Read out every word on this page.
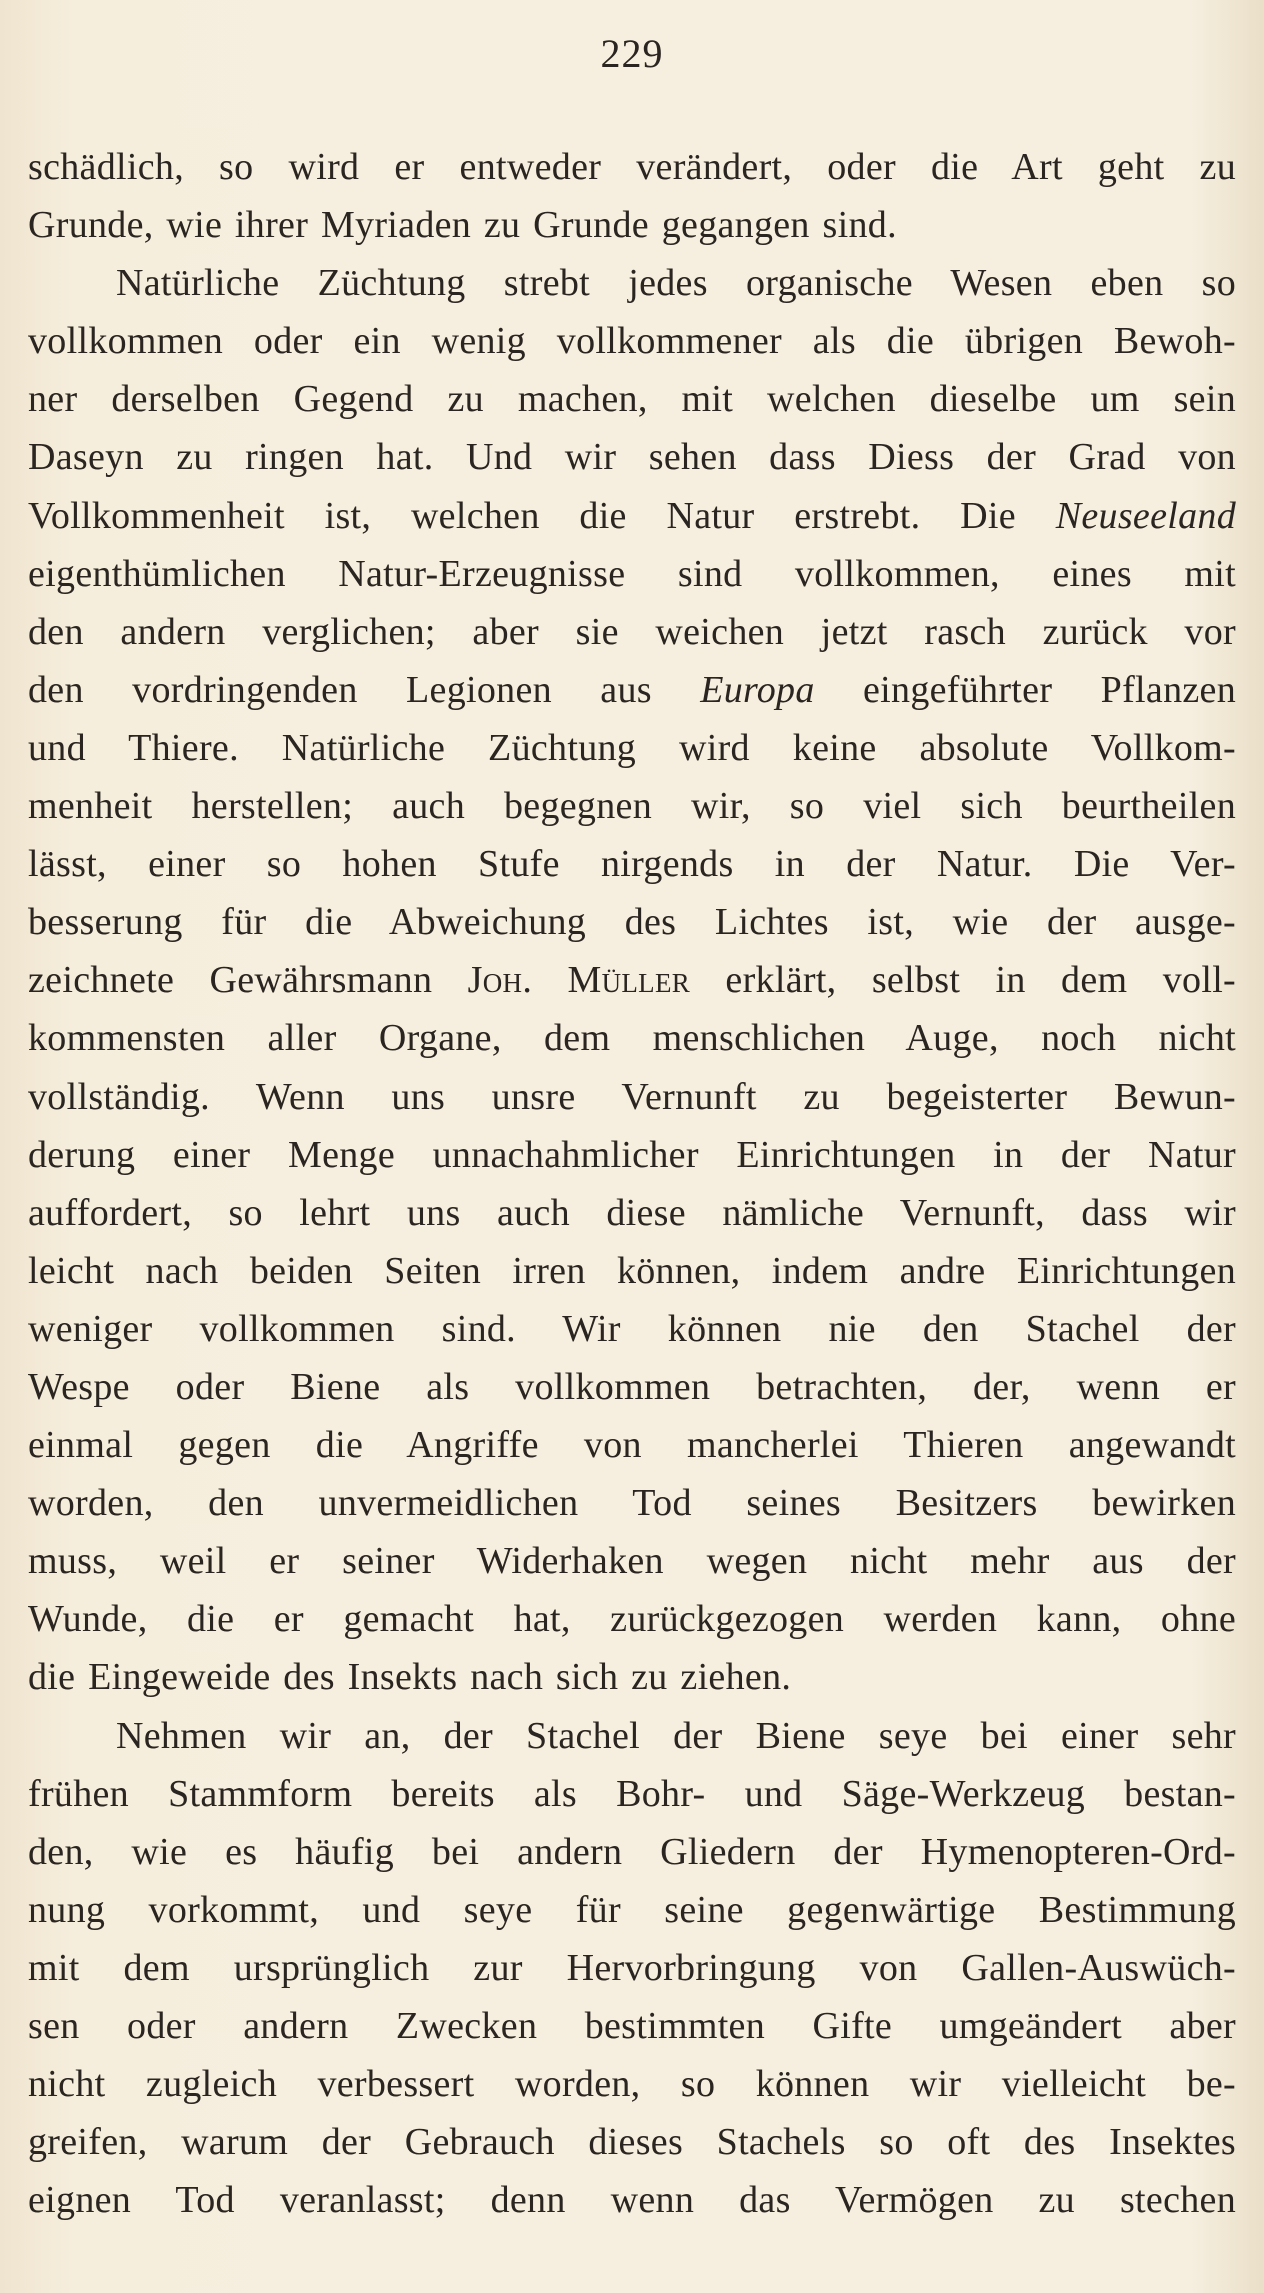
229
schädlich, so wird er entweder verändert, oder die Art geht zu
Grunde, wie ihrer Myriaden zu Grunde gegangen sind.
Natürliche Züchtung strebt jedes organische Wesen eben so
vollkommen oder ein wenig vollkommener als die übrigen Bewoh-
ner derselben Gegend zu machen, mit welchen dieselbe um sein
Daseyn zu ringen hat. Und wir sehen dass Diess der Grad von
Vollkommenheit ist, welchen die Natur erstrebt. Die Neuseeland
eigenthümlichen Natur-Erzeugnisse sind vollkommen, eines mit
den andern verglichen; aber sie weichen jetzt rasch zurück vor
den vordringenden Legionen aus Europa eingeführter Pflanzen
und Thiere. Natürliche Züchtung wird keine absolute Vollkom-
menheit herstellen; auch begegnen wir, so viel sich beurtheilen
lässt, einer so hohen Stufe nirgends in der Natur. Die Ver-
besserung für die Abweichung des Lichtes ist, wie der ausge-
zeichnete Gewährsmann Joh. Müller erklärt, selbst in dem voll-
kommensten aller Organe, dem menschlichen Auge, noch nicht
vollständig. Wenn uns unsre Vernunft zu begeisterter Bewun-
derung einer Menge unnachahmlicher Einrichtungen in der Natur
auffordert, so lehrt uns auch diese nämliche Vernunft, dass wir
leicht nach beiden Seiten irren können, indem andre Einrichtungen
weniger vollkommen sind. Wir können nie den Stachel der
Wespe oder Biene als vollkommen betrachten, der, wenn er
einmal gegen die Angriffe von mancherlei Thieren angewandt
worden, den unvermeidlichen Tod seines Besitzers bewirken
muss, weil er seiner Widerhaken wegen nicht mehr aus der
Wunde, die er gemacht hat, zurückgezogen werden kann, ohne
die Eingeweide des Insekts nach sich zu ziehen.
Nehmen wir an, der Stachel der Biene seye bei einer sehr
frühen Stammform bereits als Bohr- und Säge-Werkzeug bestan-
den, wie es häufig bei andern Gliedern der Hymenopteren-Ord-
nung vorkommt, und seye für seine gegenwärtige Bestimmung
mit dem ursprünglich zur Hervorbringung von Gallen-Auswüch-
sen oder andern Zwecken bestimmten Gifte umgeändert aber
nicht zugleich verbessert worden, so können wir vielleicht be-
greifen, warum der Gebrauch dieses Stachels so oft des Insektes
eignen Tod veranlasst; denn wenn das Vermögen zu stechen
